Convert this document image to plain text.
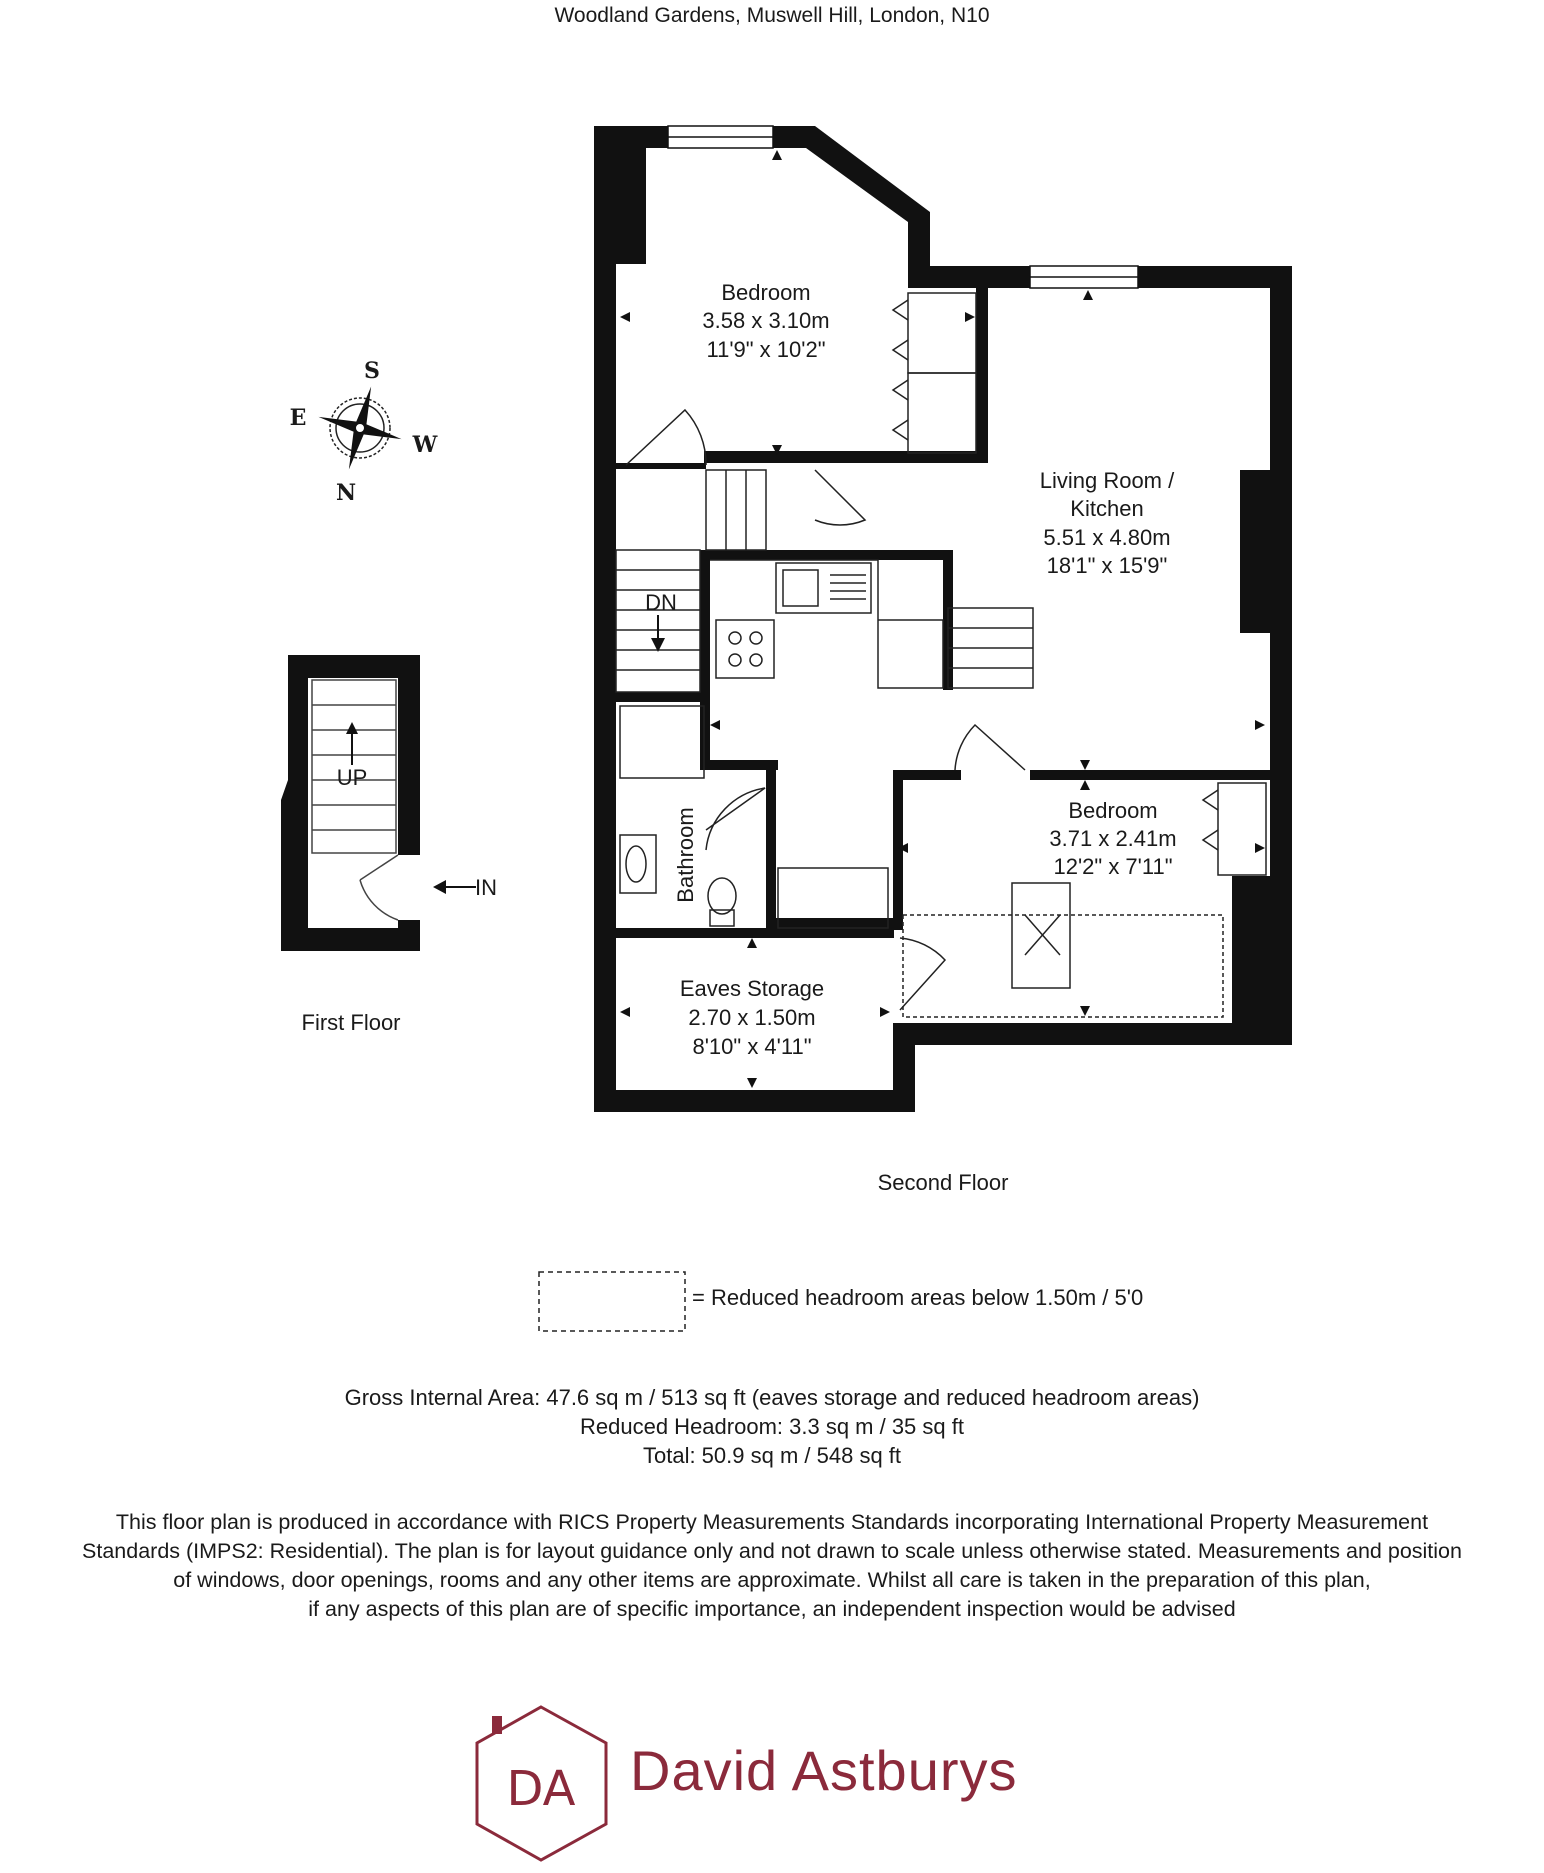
Woodland Gardens, Muswell Hill, London, N10
S
E
W
N
UP
IN
First Floor
DN
Bedroom
3.58 x 3.10m
11'9" x 10'2"
Living Room /
Kitchen
5.51 x 4.80m
18'1" x 15'9"
Bedroom
3.71 x 2.41m
12'2" x 7'11"
Eaves Storage
2.70 x 1.50m
8'10" x 4'11"
Bathroom
Second Floor
DA
= Reduced headroom areas below 1.50m / 5'0
Gross Internal Area: 47.6 sq m / 513 sq ft (eaves storage and reduced headroom areas)
Reduced Headroom: 3.3 sq m / 35 sq ft
Total: 50.9 sq m / 548 sq ft
This floor plan is produced in accordance with RICS Property Measurements Standards incorporating International Property Measurement
Standards (IMPS2: Residential). The plan is for layout guidance only and not drawn to scale unless otherwise stated. Measurements and position
of windows, door openings, rooms and any other items are approximate. Whilst all care is taken in the preparation of this plan,
if any aspects of this plan are of specific importance, an independent inspection would be advised
David Astburys
